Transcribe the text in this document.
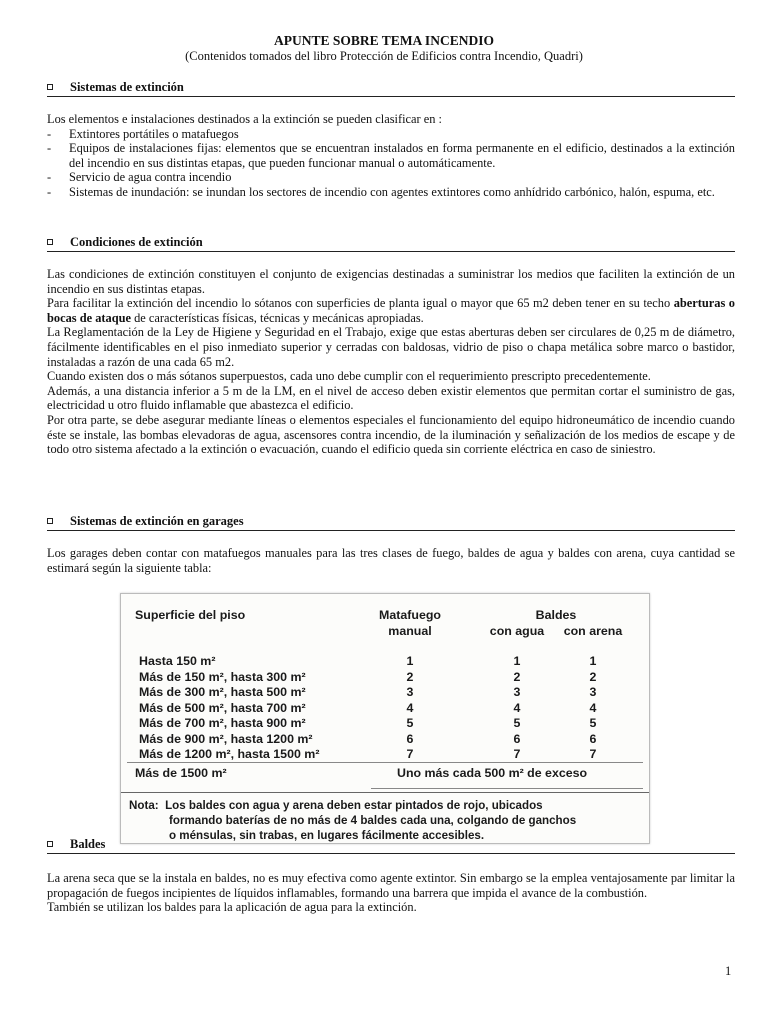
APUNTE SOBRE TEMA INCENDIO
(Contenidos tomados del libro Protección de Edificios contra Incendio, Quadri)
Sistemas de extinción
Los elementos e instalaciones destinados a la extinción se pueden clasificar en :
- Extintores portátiles o matafuegos
- Equipos de instalaciones fijas: elementos que se encuentran instalados en forma permanente en el edificio, destinados a la extinción del incendio en sus distintas etapas, que pueden funcionar manual o automáticamente.
- Servicio de agua contra incendio
- Sistemas de inundación: se inundan los sectores de incendio con agentes extintores como anhídrido carbónico, halón, espuma, etc.
Condiciones de extinción
Las condiciones de extinción constituyen el conjunto de exigencias destinadas a suministrar los medios que faciliten la extinción de un incendio en sus distintas etapas.
Para facilitar la extinción del incendio lo sótanos con superficies de planta igual o mayor que 65 m2 deben tener en su techo aberturas o bocas de ataque de características físicas, técnicas y mecánicas apropiadas.
La Reglamentación de la Ley de Higiene y Seguridad en el Trabajo, exige que estas aberturas deben ser circulares de 0,25 m de diámetro, fácilmente identificables en el piso inmediato superior y cerradas con baldosas, vidrio de piso o chapa metálica sobre marco o bastidor, instaladas a razón de una cada 65 m2.
Cuando existen dos o más sótanos superpuestos, cada uno debe cumplir con el requerimiento prescripto precedentemente.
Además, a una distancia inferior a 5 m de la LM, en el nivel de acceso deben existir elementos que permitan cortar el suministro de gas, electricidad u otro fluido inflamable que abastezca el edificio.
Por otra parte, se debe asegurar mediante líneas o elementos especiales el funcionamiento del equipo hidroneumático de incendio cuando éste se instale, las bombas elevadoras de agua, ascensores contra incendio, de la iluminación y señalización de los medios de escape y de todo otro sistema afectado a la extinción o evacuación, cuando el edificio queda sin corriente eléctrica en caso de siniestro.
Sistemas de extinción en garages
Los garages deben contar con matafuegos manuales para las tres clases de fuego, baldes de agua y baldes con arena, cuya cantidad se estimará según la siguiente tabla:
Superficie del piso	Matafuego
manual
Baldes
con agua	con arena
Hasta 150 m²	1	1	1
Más de 150 m², hasta 300 m²	2	2	2
Más de 300 m², hasta 500 m²	3	3	3
Más de 500 m², hasta 700 m²	4	4	4
Más de 700 m², hasta 900 m²	5	5	5
Más de 900 m², hasta 1200 m²	6	6	6
Más de 1200 m², hasta 1500 m²	7	7	7
Más de 1500 m²	Uno más cada 500 m² de exceso
Nota: Los baldes con agua y arena deben estar pintados de rojo, ubicados
formando baterías de no más de 4 baldes cada una, colgando de ganchos
o ménsulas, sin trabas, en lugares fácilmente accesibles.
Baldes
La arena seca que se la instala en baldes, no es muy efectiva como agente extintor. Sin embargo se la emplea ventajosamente par limitar la propagación de fuegos incipientes de líquidos inflamables, formando una barrera que impida el avance de la combustión.
También se utilizan los baldes para la aplicación de agua para la extinción.
1
